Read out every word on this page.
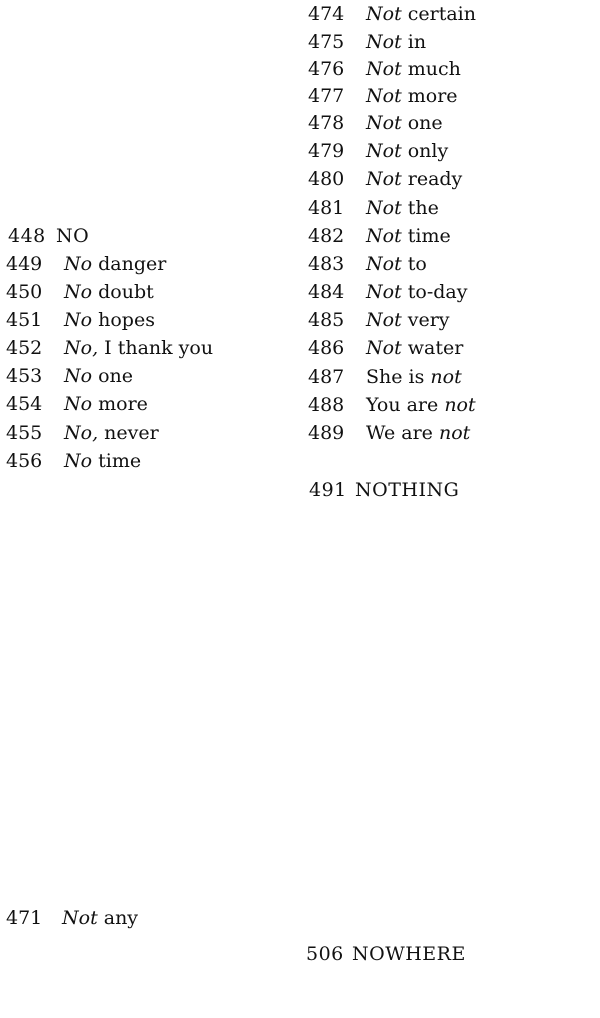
448 NO
449 No danger
450 No doubt
451 No hopes
452 No, I thank you
453 No one
454 No more
455 No, never
456 No time
471 Not any
474 Not certain
475 Not in
476 Not much
477 Not more
478 Not one
479 Not only
480 Not ready
481 Not the
482 Not time
483 Not to
484 Not to-day
485 Not very
486 Not water
487 She is not
488 You are not
489 We are not
491 NOTHING
506 NOWHERE
